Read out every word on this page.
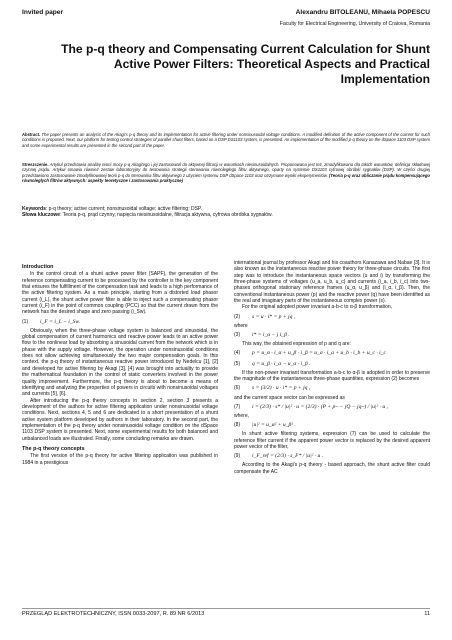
Invited paper	Alexandru BITOLEANU, Mihaela POPESCU
Faculty for Electrical Engineering, University of Craiova, Romania
The p-q theory and Compensating Current Calculation for Shunt Active Power Filters: Theoretical Aspects and Practical Implementation
Abstract. The paper presents an analysis of the Akagi's p-q theory and its implementation for active filtering under nonsinusoidal voltage conditions. A modified definition of the active component of the current for such conditions is proposed. Next, our platform for testing control strategies of parallel shunt filters, based on a DSP DS1103 system, is presented. An implementation of the modified p-q theory on the dSpace 1103 DSP system and some experimental results are presented in the second part of the paper.
Streszczenie. Artykuł przedstawia analizę teorii mocy p-q Akagi'ego i jej zastosowań do aktywnej filtracji w warunkach niesinusoidalnych. Proponowana jest też, zmodyfikowana dla takich warunków, definicja składowej czynnej prądu. Artykuł omawia również zestaw laboratoryjny do testowania strategii sterowania równoległego filtru aktywnego, oparty na systemie DS1103 cyfrowej obróbki sygnałów (DSP). W części drugiej przedstawiono zastosowanie zmodyfikowanej teorii p-q do sterowania filtru aktywnego z użyciem systemu DSP dSpace 1103 oraz otrzymane wyniki eksperymentów. (Teoria p-q oraz obliczanie prądu kompensującego równoległych filtrów aktywnych: aspekty teoretyczne i zastosowania praktyczne)
Keywords: p-q theory; active current; nonsinusoidal voltage; active filtering; DSP.
Słowa kluczowe: Teoria p-q, prąd czynny, napięcia niesinusoidalne, filtracja aktywna, cyfrowa obróbka sygnałów.
Introduction

In the control circuit of a shunt active power filter (SAPF), the generation of the reference compensating current to be processed by the controller is the key component that ensures the fulfillment of the compensation task and leads to a high performance of the active filtering system. As a main principle, starting from a distorted load phasor current (i_L), the shunt active power filter is able to inject such a compensating phasor current (i_F) in the point of common coupling (PCC) so that the current drawn from the network has the desired shape and zero passing (i_Sw).

(1)	i_F = i_L − i_Sw.

Obviously, when the three-phase voltage system is balanced and sinusoidal, the global compensation of current harmonics and reactive power leads to an active power flow to the nonlinear load by absorbing a sinusoidal current from the network which is in phase with the supply voltage. However, the operation under nonsinusoidal conditions does not allow achieving simultaneously the two major compensation goals. In this context, the p-q theory of instantaneous reactive power introduced by Nedelcu [1], [2] and developed for active filtering by Akagi [3], [4] was brought into actuality to provide the mathematical foundation in the control of static converters involved in the power quality improvement. Furthermore, the p-q theory is about to become a means of identifying and analyzing the properties of powers in circuits with nonsinusoidal voltages and currents [5], [6].

After introducing the p-q theory concepts in section 2, section 3 presents a development of the authors for active filtering application under nonsinusoidal voltage conditions. Next, sections 4, 5 and 6 are dedicated to a short presentation of a shunt active system platform developed by authors in their laboratory. In the second part, the implementation of the p-q theory under nonsinusoidal voltage condition on the dSpace 1103 DSP system is presented. Next, some experimental results for both balanced and unbalanced loads are illustrated. Finally, some concluding remarks are drawn.

The p-q theory concepts

The first version of the p-q theory for active filtering application was published in 1984 in a prestigious

international journal by professor Akagi and his coauthors Kanazawa and Nabae [3]. It is also known as the instantaneous reactive power theory for three-phase circuits. The first step was to introduce the instantaneous space vectors (u and i) by transforming the three-phase systems of voltages (u_a, u_b, u_c) and currents (i_a, i_b, i_c) into two-phases orthogonal stationary reference frames (u_α, u_β) and (i_α, i_β). Then, the conventional instantaneous power (p) and the reactive power (q) have been identified as the real and imaginary parts of the instantaneous complex power (s).

For the original adopted power invariant a-b-c to α-β transformation,

(2)	s = u · i* = p + jq ,

where

(3)	i* = i_α − j i_β .

This way, the obtained expression of p and q are:

(4)	p = u_α · i_α + u_β · i_β = u_a · i_a + u_b · i_b + u_c · i_c
(5)	q = u_β · i_α − u_α · i_β .

If the non-power invariant transformation a-b-c to α-β is adopted in order to preserve the magnitude of the instantaneous three-phase quantities, expression (2) becomes

(6)	s = (3/2) · u · i* = p + jq ,

and the current space vector can be expressed as

(7)	i = (2/3) · s* / |u|² · u = (2/3) · (P + p~ − jQ − jq~) / |u|² · u ,

where,

(8)	|u|² = u_α² + u_β² .

In shunt active filtering systems, expression (7) can be used to calculate the reference filter current if the apparent power vector is replaced by the desired apparent power vector of the filter,

(9)	i_F_ref = (2/3) · s_F* / |u|² · u .

According to the Akagi's p-q theory - based approach, the shunt active filter could compensate the AC

PRZEGLĄD ELEKTROTECHNICZNY, ISSN 0033-2097, R. 89 NR 6/2013	11
